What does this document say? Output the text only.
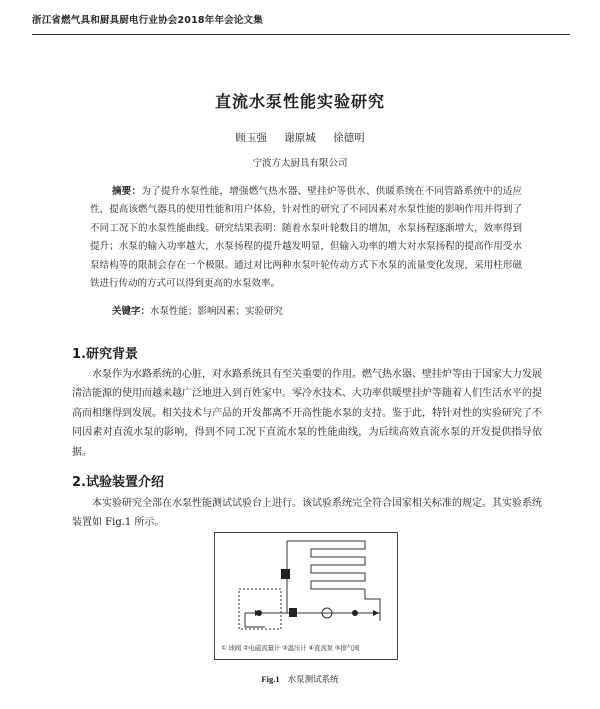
浙江省燃气具和厨具厨电行业协会2018年年会论文集
直流水泵性能实验研究
顾玉强 谢原城 徐德明
宁波方太厨具有限公司
摘要：为了提升水泵性能，增强燃气热水器、壁挂炉等供水、供暖系统在不同管路系统中的适应性，提高该燃气器具的使用性能和用户体验，针对性的研究了不同因素对水泵性能的影响作用并得到了不同工况下的水泵性能曲线。研究结果表明：随着水泵叶轮数目的增加，水泵扬程逐渐增大，效率得到提升；水泵的输入功率越大，水泵扬程的提升越发明显，但输入功率的增大对水泵扬程的提高作用受水泵结构等的限制会存在一个极限。通过对比两种水泵叶轮传动方式下水泵的流量变化发现，采用柱形磁铁进行传动的方式可以得到更高的水泵效率。
关键字：水泵性能；影响因素；实验研究
1.研究背景
水泵作为水路系统的心脏，对水路系统具有至关重要的作用。燃气热水器、壁挂炉等由于国家大力发展清洁能源的使用而越来越广泛地进入到百姓家中。零冷水技术、大功率供暖壁挂炉等随着人们生活水平的提高而相继得到发展。相关技术与产品的开发都离不开高性能水泵的支持。鉴于此，特针对性的实验研究了不同因素对直流水泵的影响，得到不同工况下直流水泵的性能曲线，为后续高效直流水泵的开发提供指导依据。
2.试验装置介绍
本实验研究全部在水泵性能测试试验台上进行。该试验系统完全符合国家相关标准的规定。其实验系统装置如 Fig.1 所示。
① 球阀 ②电磁流量计 ③温压计 ④直流泵 ⑤排气阀
Fig.1 水泵测试系统
